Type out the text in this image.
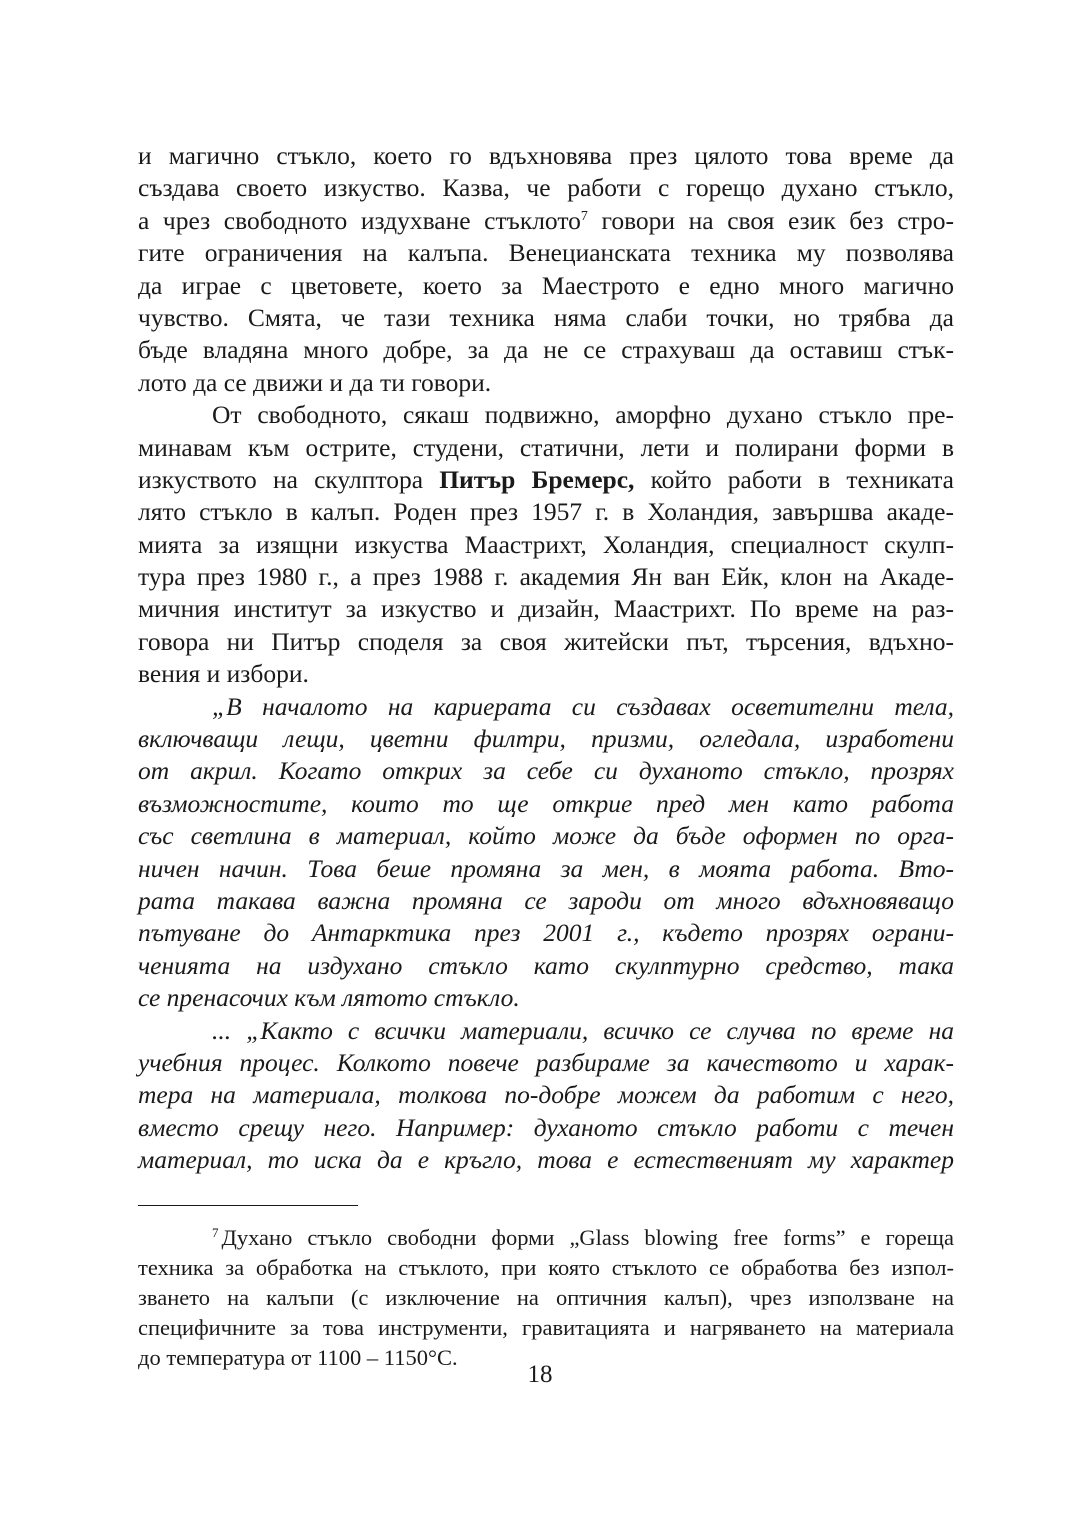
и магично стъкло, което го вдъхновява през цялото това време да
създава своето изкуство. Казва, че работи с горещо духано стъкло,
а чрез свободното издухване стъклото$^7$ говори на своя език без стро-
гите ограничения на калъпа. Венецианската техника му позволява
да играе с цветовете, което за Маестрото е едно много магично
чувство. Смята, че тази техника няма слаби точки, но трябва да
бъде владяна много добре, за да не се страхуваш да оставиш стък-
лото да се движи и да ти говори.
От свободното, сякаш подвижно, аморфно духано стъкло пре-
минавам към острите, студени, статични, лети и полирани форми в
изкуството на скулптора Питър Бремерс, който работи в техниката
лято стъкло в калъп. Роден през 1957 г. в Холандия, завършва акаде-
мията за изящни изкуства Маастрихт, Холандия, специалност скулп-
тура през 1980 г., а през 1988 г. академия Ян ван Ейк, клон на Акаде-
мичния институт за изкуство и дизайн, Маастрихт. По време на раз-
говора ни Питър споделя за своя житейски път, търсения, вдъхно-
вения и избори.
„В началото на кариерата си създавах осветителни тела,
включващи лещи, цветни филтри, призми, огледала, изработени
от акрил. Когато открих за себе си духаното стъкло, прозрях
възможностите, които то ще открие пред мен като работа
със светлина в материал, който може да бъде оформен по орга-
ничен начин. Това беше промяна за мен, в моята работа. Вто-
рата такава важна промяна се зароди от много вдъхновяващо
пътуване до Антарктика през 2001 г., където прозрях ограни-
ченията на издухано стъкло като скулптурно средство, така
се пренасочих към лятото стъкло.
... „Както с всички материали, всичко се случва по време на
учебния процес. Колкото повече разбираме за качеството и харак-
тера на материала, толкова по-добре можем да работим с него,
вместо срещу него. Например: духаното стъкло работи с течен
материал, то иска да е кръгло, това е естественият му характер
$^7$ Духано стъкло свободни форми „Glass blowing free forms” е гореща
техника за обработка на стъклото, при която стъклото се обработва без изпол-
зването на калъпи (с изключение на оптичния калъп), чрез използване на
специфичните за това инструменти, гравитацията и нагряването на материала
до температура от 1100 – 1150°C.
18
